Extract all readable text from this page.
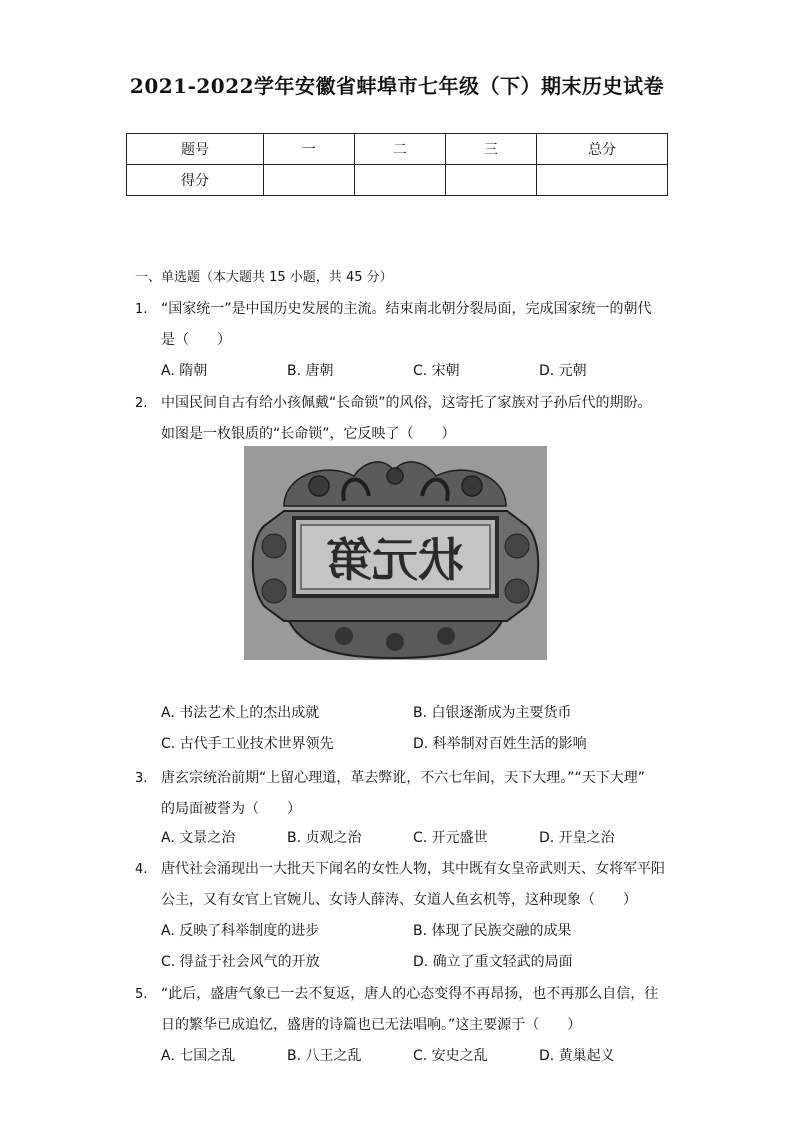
2021-2022学年安徽省蚌埠市七年级（下）期末历史试卷
题号	一	二	三	总分
得分				
一、单选题（本大题共 15 小题，共 45 分）
1. “国家统一”是中国历史发展的主流。结束南北朝分裂局面，完成国家统一的朝代
是（　　）
A. 隋朝	B. 唐朝	C. 宋朝	D. 元朝
2. 中国民间自古有给小孩佩戴“长命锁”的风俗，这寄托了家族对子孙后代的期盼。
如图是一枚银质的“长命锁”，它反映了（　　）
状元第
A. 书法艺术上的杰出成就	B. 白银逐渐成为主要货币
C. 古代手工业技术世界领先	D. 科举制对百姓生活的影响
3. 唐玄宗统治前期“上留心理道，革去弊讹，不六七年间，天下大理。”“天下大理”
的局面被誉为（　　）
A. 文景之治	B. 贞观之治	C. 开元盛世	D. 开皇之治
4. 唐代社会涌现出一大批天下闻名的女性人物，其中既有女皇帝武则天、女将军平阳
公主，又有女官上官婉儿、女诗人薛涛、女道人鱼玄机等，这种现象（　　）
A. 反映了科举制度的进步	B. 体现了民族交融的成果
C. 得益于社会风气的开放	D. 确立了重文轻武的局面
5. “此后，盛唐气象已一去不复返，唐人的心态变得不再昂扬，也不再那么自信，往
日的繁华已成追忆，盛唐的诗篇也已无法唱响。”这主要源于（　　）
A. 七国之乱	B. 八王之乱	C. 安史之乱	D. 黄巢起义
